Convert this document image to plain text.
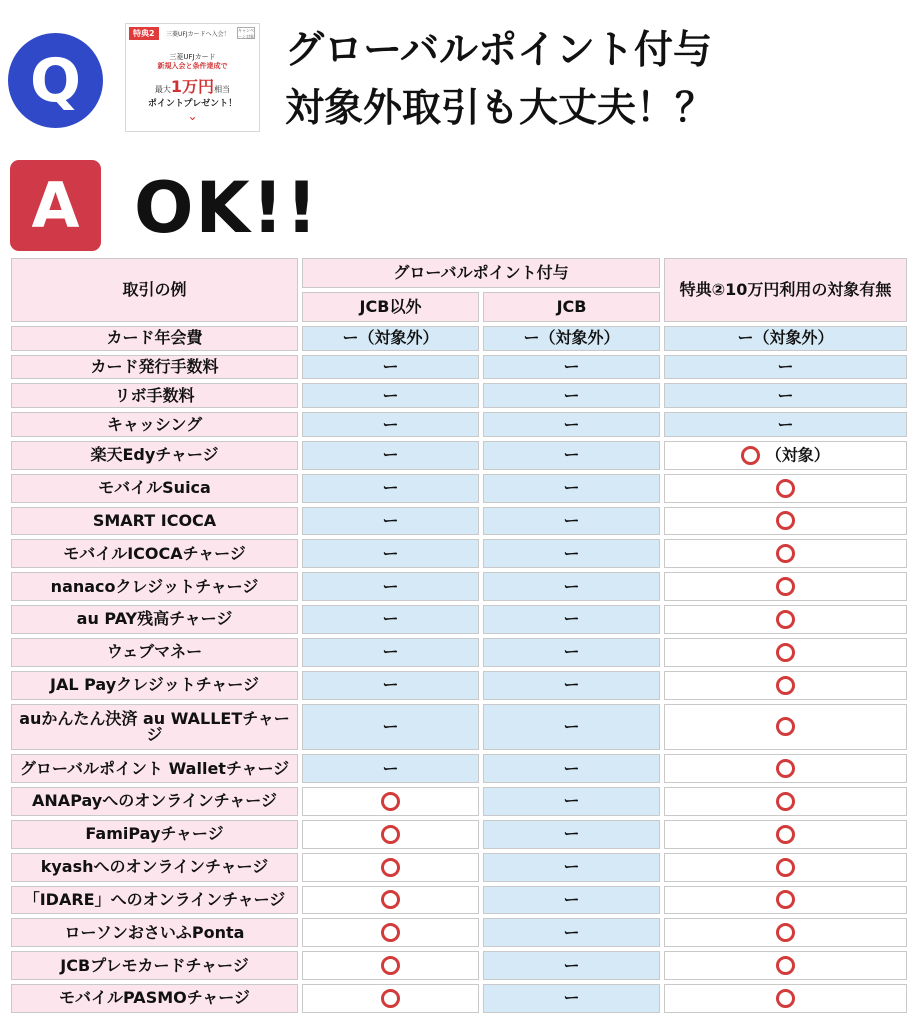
Q
特典2	三菱UFJカードへ入会！
キャンペーン対象
三菱UFJカード
新規入会と条件達成で
最大1万円相当
ポイントプレゼント！
⌄
グローバルポイント付与
対象外取引も大丈夫！？
A OK!!
取引の例	グローバルポイント付与		特典②10万円利用の対象有無
	JCB以外	JCB	
カード年会費	ー（対象外）	ー（対象外）	ー（対象外）
カード発行手数料	ー	ー	ー
リボ手数料	ー	ー	ー
キャッシング	ー	ー	ー
楽天Edyチャージ	ー	ー	（対象）
モバイルSuica	ー	ー	
SMART ICOCA	ー	ー	
モバイルICOCAチャージ	ー	ー	
nanacoクレジットチャージ	ー	ー	
au PAY残高チャージ	ー	ー	
ウェブマネー	ー	ー	
JAL Payクレジットチャージ	ー	ー	
auかんたん決済 au WALLETチャージ	ー	ー	
グローバルポイント Walletチャージ	ー	ー	
ANAPayへのオンラインチャージ		ー	
FamiPayチャージ		ー	
kyashへのオンラインチャージ		ー	
「IDARE」へのオンラインチャージ		ー	
ローソンおさいふPonta		ー	
JCBプレモカードチャージ		ー	
モバイルPASMOチャージ		ー	
